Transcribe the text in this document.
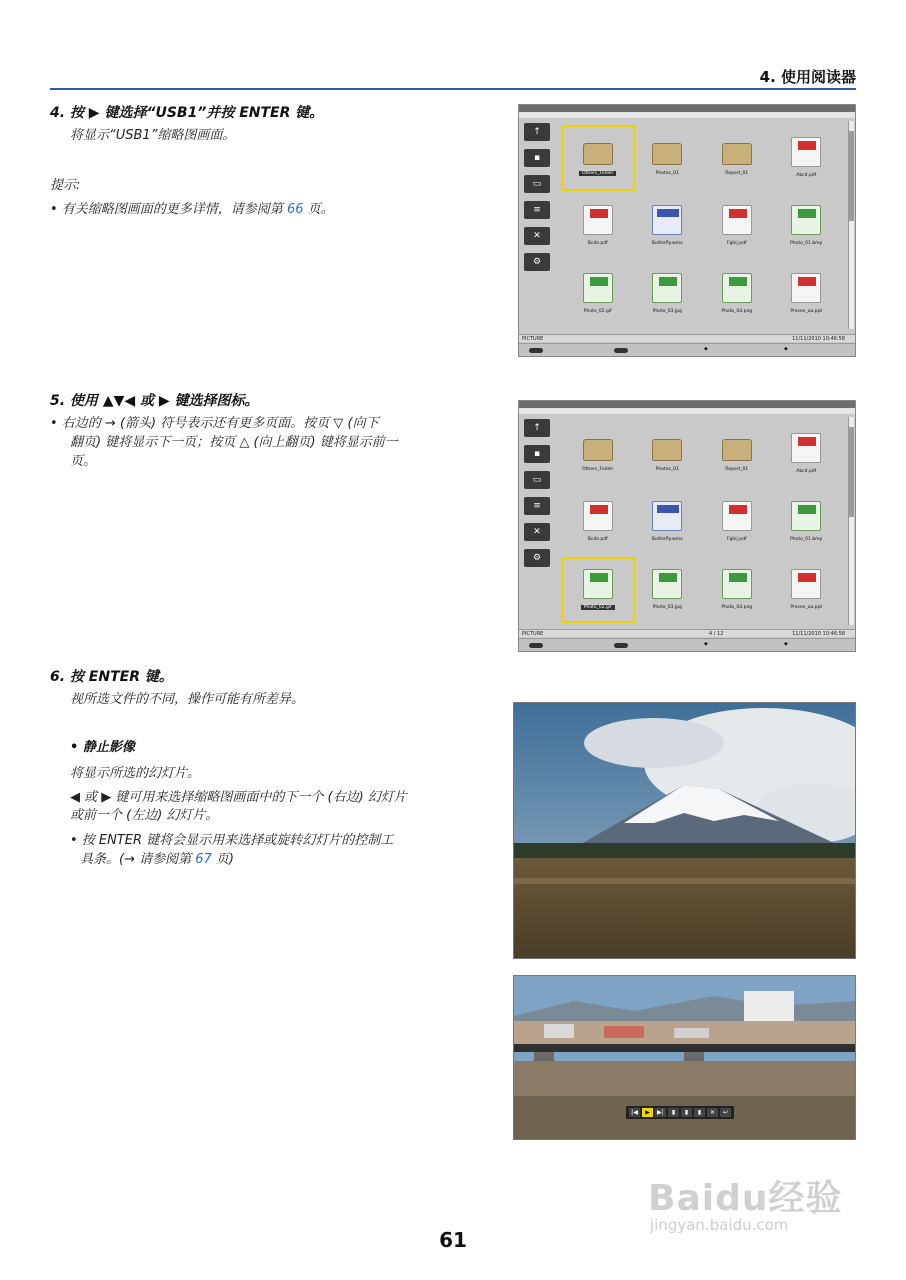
4. 使用阅读器
4. 按 ▶ 键选择“USB1”并按 ENTER 键。
将显示“USB1”缩略图画面。
提示:
• 有关缩略图画面的更多详情，请参阅第 66 页。
↑
▪
▭
≡
✕
⚙
Others_Folder	Photos_01	Report_01	Abcd.pdf
Bcde.pdf	Butterfly.wmv	Fghij.pdf	Photo_01.bmp
Photo_02.gif	Photo_03.jpg	Photo_04.png	Presen_aa.ppt
PICTURE	11/11/2010 10:46:58
◆	◆
5. 使用 ▲▼◀ 或 ▶ 键选择图标。
• 右边的 → (箭头) 符号表示还有更多页面。按页 ▽ (向下
翻页) 键将显示下一页；按页 △ (向上翻页) 键将显示前一
页。
↑
▪
▭
≡
✕
⚙
Others_Folder	Photos_01	Report_01	Abcd.pdf
Bcde.pdf	Butterfly.wmv	Fghij.pdf	Photo_01.bmp
Photo_02.gif	Photo_03.jpg	Photo_04.png	Presen_aa.ppt
PICTURE	4 / 12	11/11/2010 10:46:58
◆	◆
6. 按 ENTER 键。
视所选文件的不同，操作可能有所差异。
• 静止影像
将显示所选的幻灯片。
◀ 或 ▶ 键可用来选择缩略图画面中的下一个 (右边) 幻灯片
或前一个 (左边) 幻灯片。
• 按 ENTER 键将会显示用来选择或旋转幻灯片的控制工
具条。(→ 请参阅第 67 页)
|◀	▶	▶|	▮	▮	▮	✕	↩
61
Baidu经验
jingyan.baidu.com
